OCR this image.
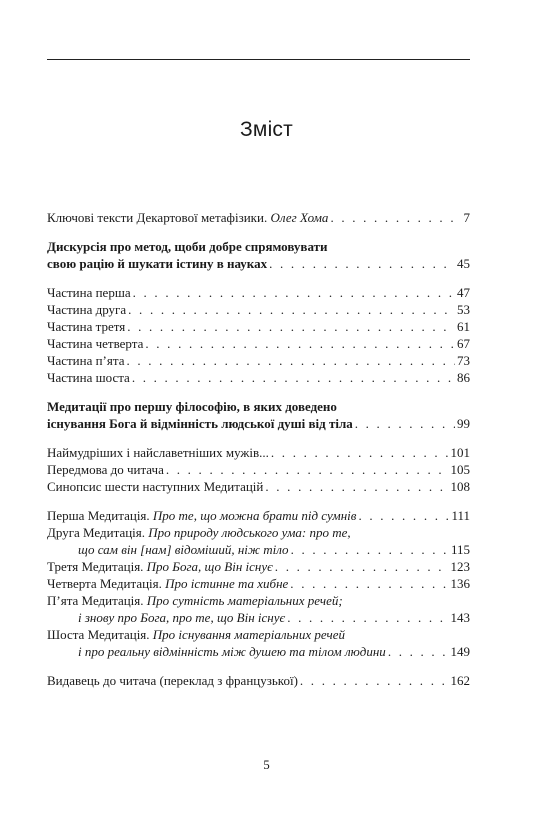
Зміст
Ключові тексти Декартової метафізики. Олег Хома . . .	7
Дискурсія про метод, щоби добре спрямовувати
свою рацію й шукати істину в науках . . .	45
Частина перша . . .	47
Частина друга . . .	53
Частина третя . . .	61
Частина четверта . . .	67
Частина п’ята . . .	73
Частина шоста . . .	86
Медитації про першу філософію, в яких доведено
існування Бога й відмінність людської душі від тіла . . .	99
Наймудріших і найславетніших мужів... . . .	101
Передмова до читача . . .	105
Синопсис шести наступних Медитацій . . .	108
Перша Медитація. Про те, що можна брати під сумнів . . .	111
Друга Медитація. Про природу людського ума: про те,
що сам він [нам] відоміший, ніж тіло . . .	115
Третя Медитація. Про Бога, що Він існує . . .	123
Четверта Медитація. Про істинне та хибне . . .	136
П’ята Медитація. Про сутність матеріальних речей;
і знову про Бога, про те, що Він існує . . .	143
Шоста Медитація. Про існування матеріальних речей
і про реальну відмінність між душею та тілом людини . . .	149
Видавець до читача (переклад з французької) . . .	162
5
